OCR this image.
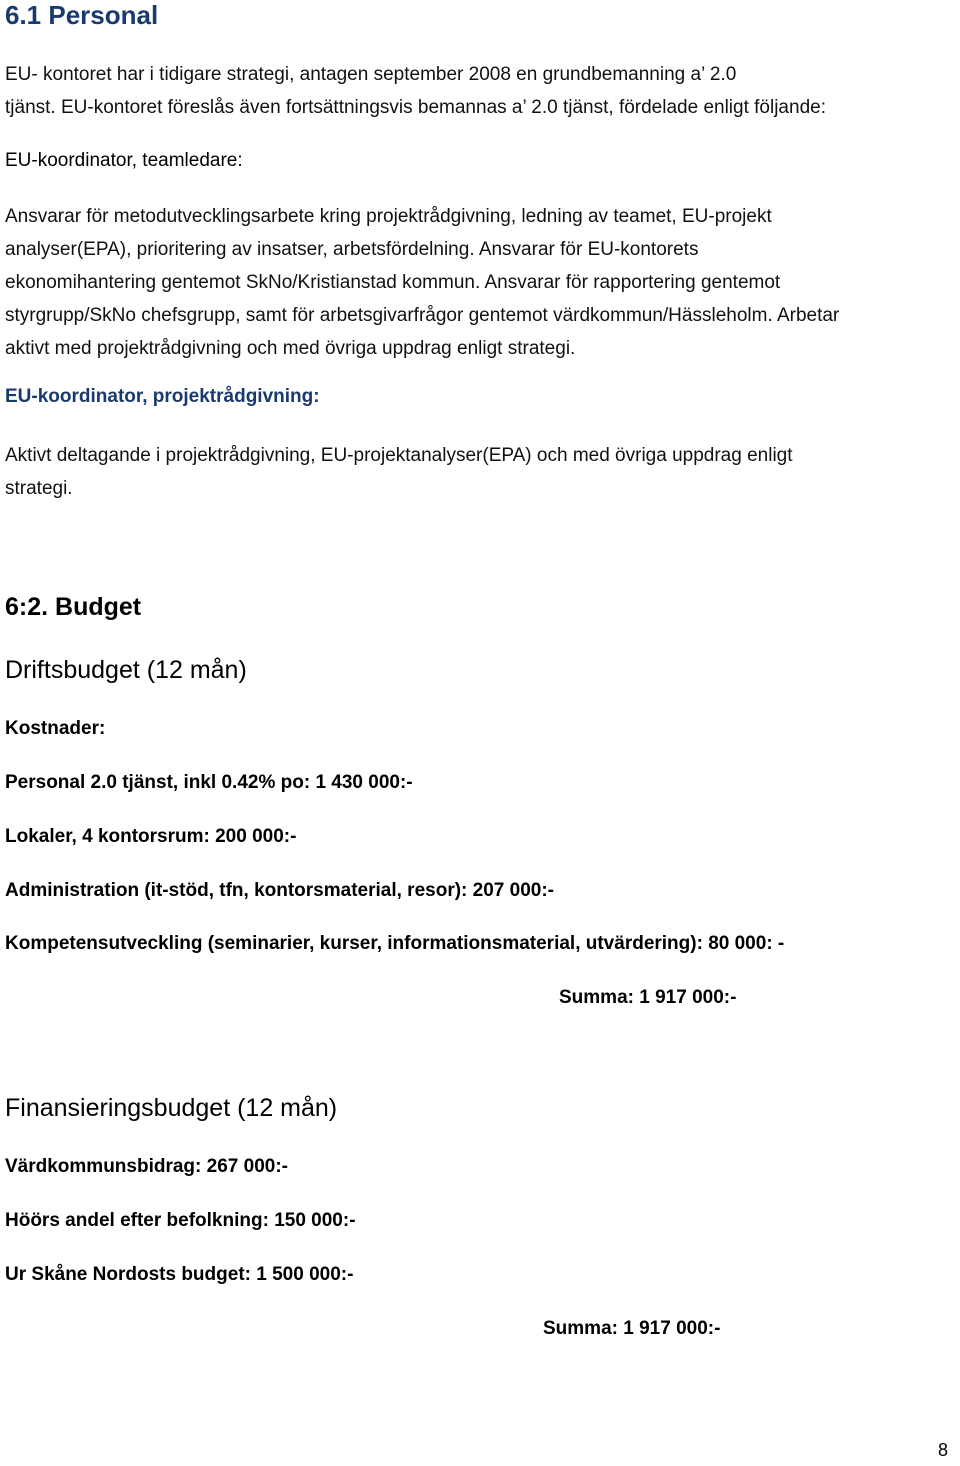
6.1 Personal
EU- kontoret har i tidigare strategi, antagen september 2008 en grundbemanning a’ 2.0
tjänst. EU-kontoret föreslås även fortsättningsvis bemannas a’ 2.0 tjänst, fördelade enligt följande:
EU-koordinator, teamledare:
Ansvarar för metodutvecklingsarbete kring projektrådgivning, ledning av teamet, EU-projekt
analyser(EPA), prioritering av insatser, arbetsfördelning. Ansvarar för EU-kontorets
ekonomihantering gentemot SkNo/Kristianstad kommun. Ansvarar för rapportering gentemot
styrgrupp/SkNo chefsgrupp, samt för arbetsgivarfrågor gentemot värdkommun/Hässleholm. Arbetar
aktivt med projektrådgivning och med övriga uppdrag enligt strategi.
EU-koordinator, projektrådgivning:
Aktivt deltagande i projektrådgivning, EU-projektanalyser(EPA) och med övriga uppdrag enligt
strategi.
6:2. Budget
Driftsbudget (12 mån)
Kostnader:
Personal 2.0 tjänst, inkl 0.42% po: 1 430 000:-
Lokaler, 4 kontorsrum: 200 000:-
Administration (it-stöd, tfn, kontorsmaterial, resor): 207 000:-
Kompetensutveckling (seminarier, kurser, informationsmaterial, utvärdering): 80 000: -
Summa: 1 917 000:-
Finansieringsbudget (12 mån)
Värdkommunsbidrag: 267 000:-
Höörs andel efter befolkning: 150 000:-
Ur Skåne Nordosts budget: 1 500 000:-
Summa: 1 917 000:-
8
